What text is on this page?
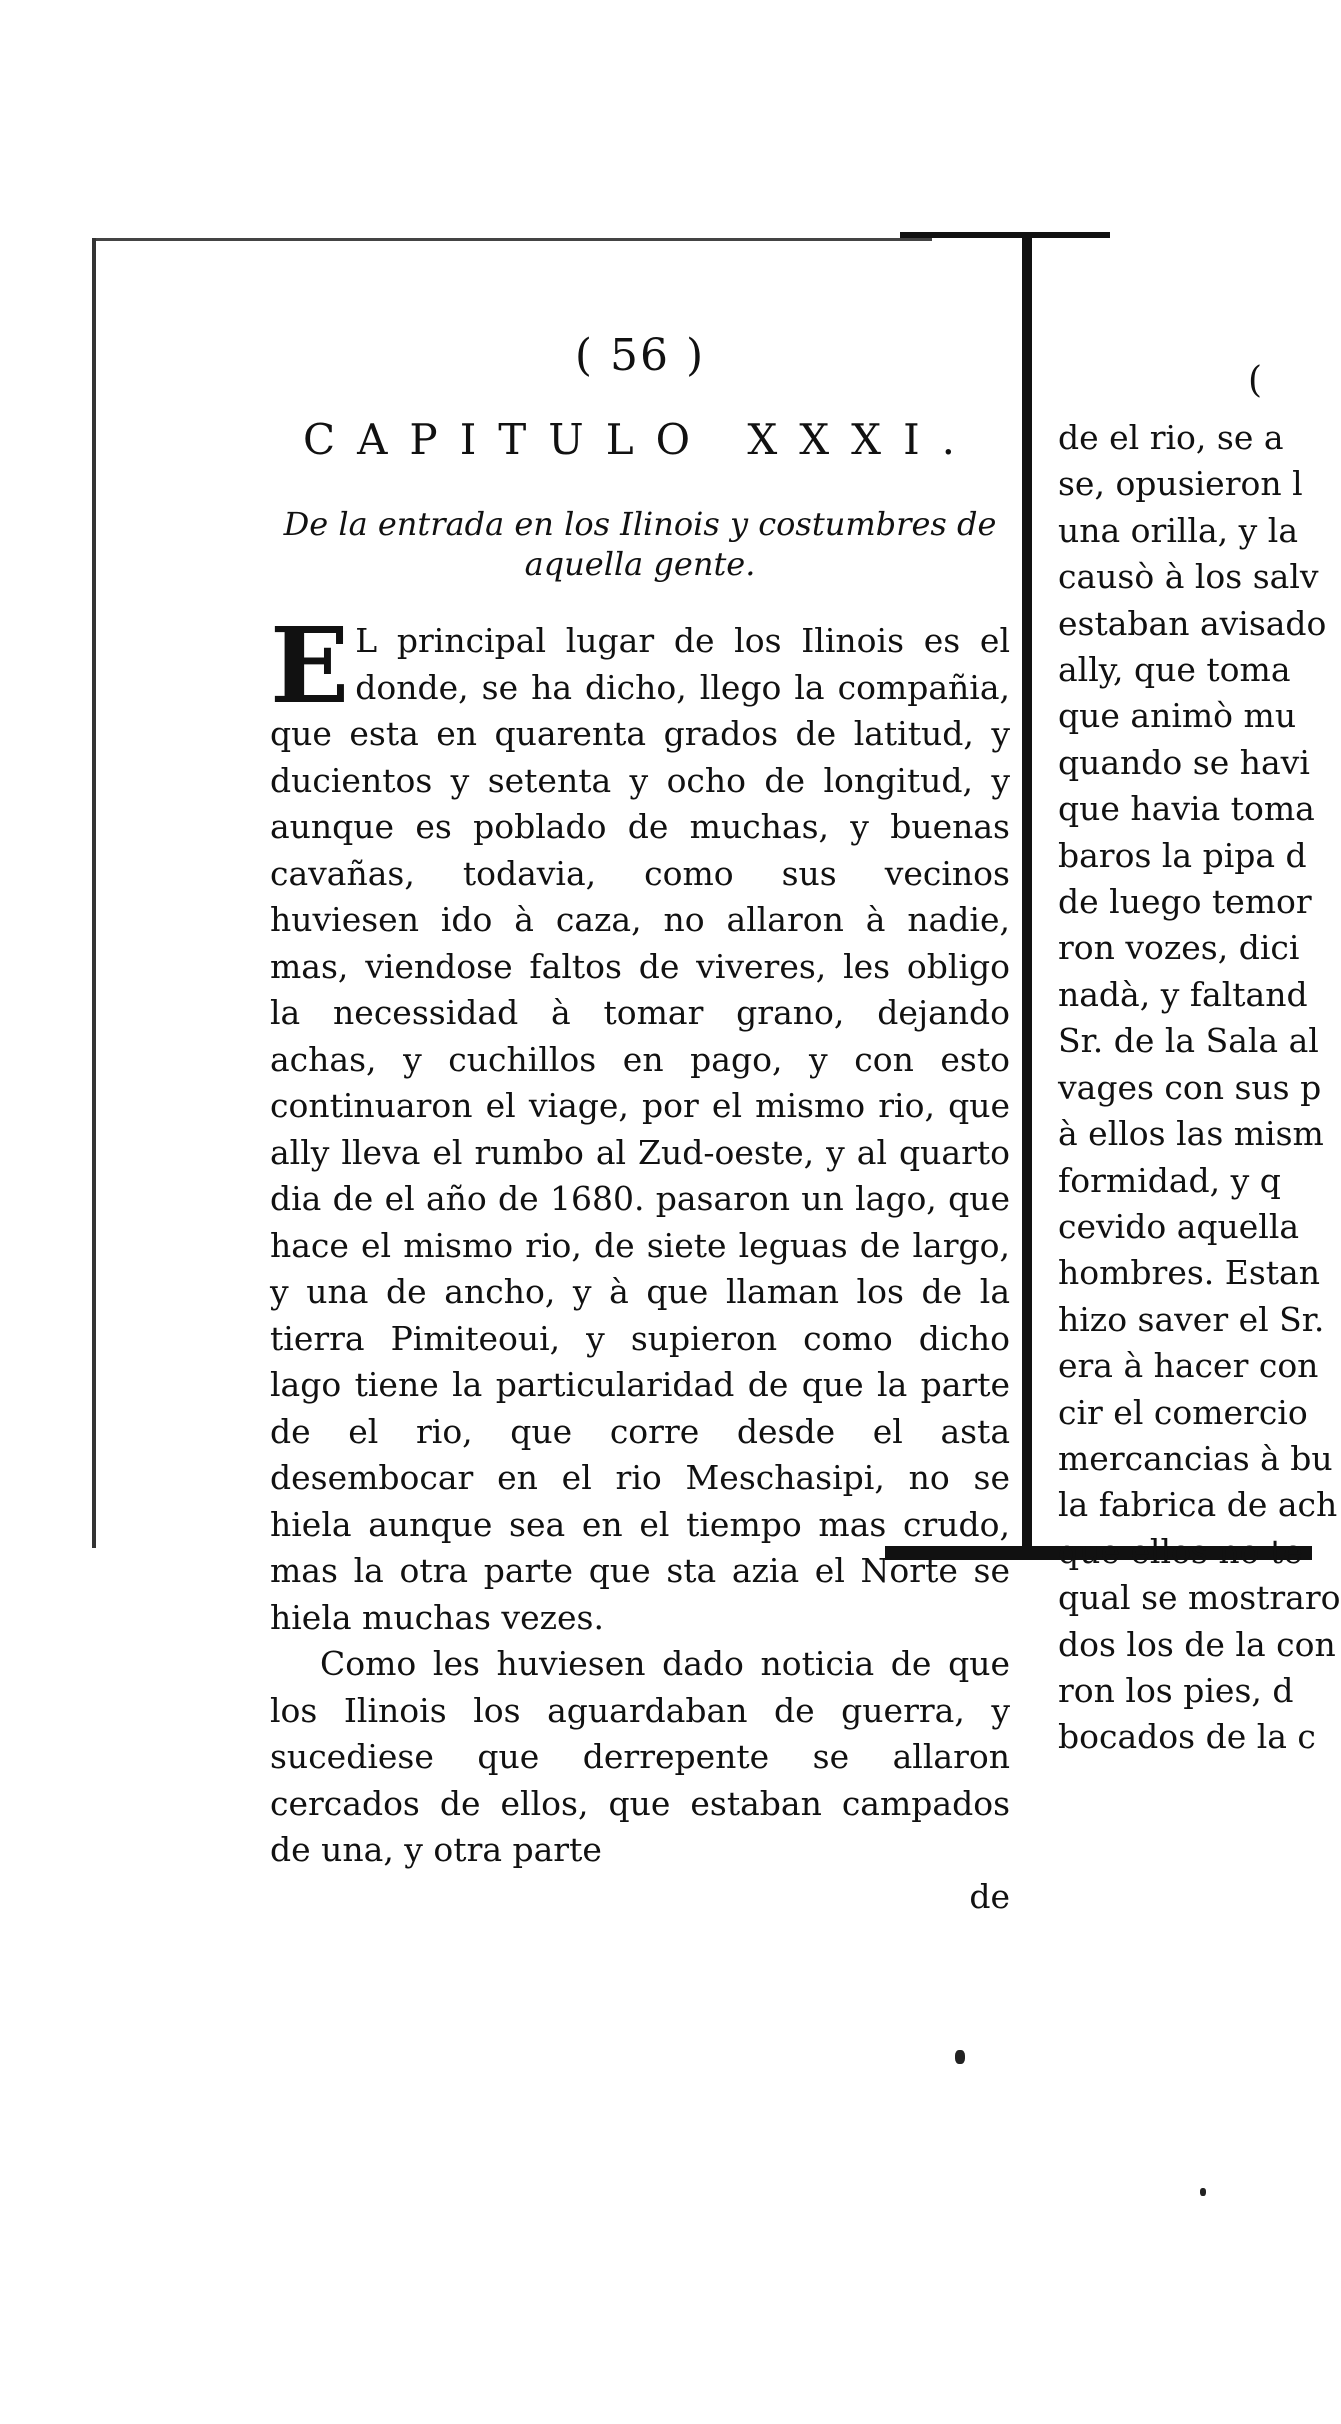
( 56 )
CAPITULO XXXI.
De la entrada en los Ilinois y costumbres de
aquella gente.

E L principal lugar de los Ilinois es el donde, se ha dicho, llego la compañia, que esta en quarenta grados de latitud, y ducientos y setenta y ocho de longitud, y aunque es poblado de muchas, y buenas cavañas, todavia, como sus vecinos huviesen ido à caza, no allaron à nadie, mas, viendose faltos de viveres, les obligo la necessidad à tomar grano, dejando achas, y cuchillos en pago, y con esto continuaron el viage, por el mismo rio, que ally lleva el rumbo al Zud-oeste, y al quarto dia de el año de 1680. pasaron un lago, que hace el mismo rio, de siete leguas de largo, y una de ancho, y à que llaman los de la tierra Pimiteoui, y supieron como dicho lago tiene la particularidad de que la parte de el rio, que corre desde el asta desembocar en el rio Meschasipi, no se hiela aunque sea en el tiempo mas crudo, mas la otra parte que sta azia el Norte se hiela muchas vezes.

Como les huviesen dado noticia de que los Ilinois los aguardaban de guerra, y sucediese que derrepente se allaron cercados de ellos, que estaban campados de una, y otra parte

de
(
de el rio, se a
se, opusieron l
una orilla, y la
causò à los salv
estaban avisado
ally, que toma
que animò mu
quando se havi
que havia toma
baros la pipa d
de luego temor
ron vozes, dici
nadà, y faltand
Sr. de la Sala al
vages con sus p
à ellos las mism
formidad, y q
cevido aquella
hombres. Estan
hizo saver el Sr.
era à hacer con
cir el comercio
mercancias à bu
la fabrica de ach
que ellos no te
qual se mostraro
dos los de la con
ron los pies, d
bocados de la c
